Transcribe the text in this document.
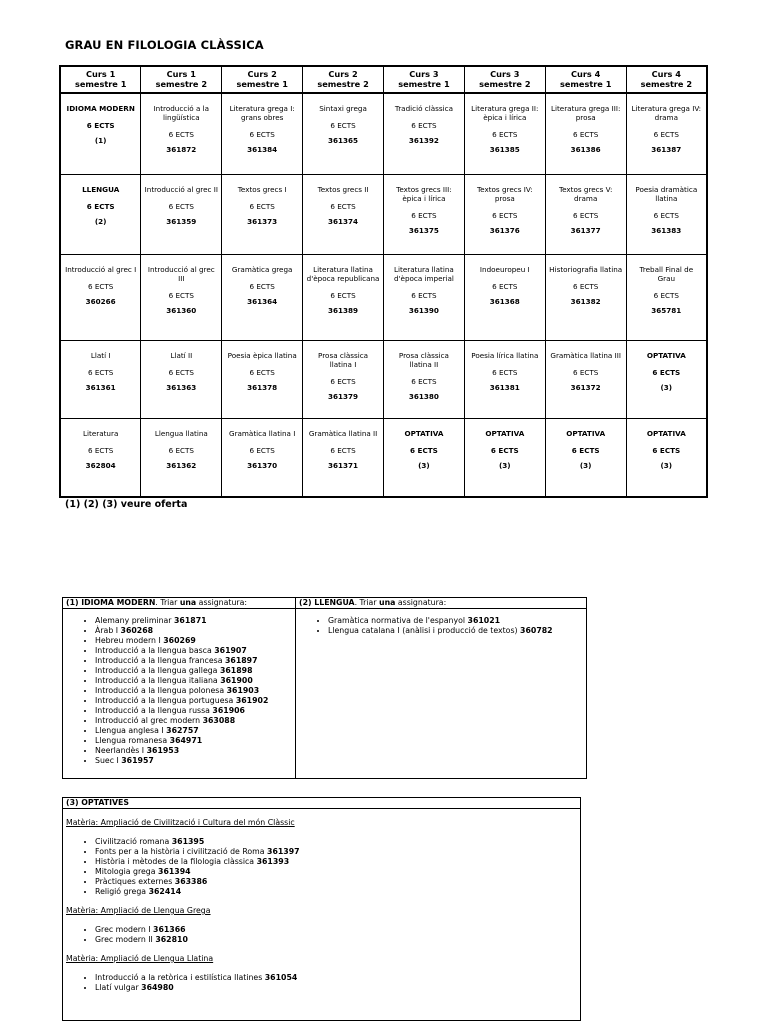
GRAU EN FILOLOGIA CLÀSSICA
Curs 1
semestre 1	Curs 1
semestre 2	Curs 2
semestre 1	Curs 2
semestre 2	Curs 3
semestre 1	Curs 3
semestre 2	Curs 4
semestre 1	Curs 4
semestre 2

IDIOMA MODERN
6 ECTS
(1)	Introducció a la lingüística
6 ECTS
361872	Literatura grega I: grans obres
6 ECTS
361384	Sintaxi grega
6 ECTS
361365	Tradició clàssica
6 ECTS
361392	Literatura grega II: èpica i lírica
6 ECTS
361385	Literatura grega III: prosa
6 ECTS
361386	Literatura grega IV: drama
6 ECTS
361387

LLENGUA
6 ECTS
(2)	Introducció al grec II
6 ECTS
361359	Textos grecs I
6 ECTS
361373	Textos grecs II
6 ECTS
361374	Textos grecs III: èpica i lírica
6 ECTS
361375	Textos grecs IV: prosa
6 ECTS
361376	Textos grecs V: drama
6 ECTS
361377	Poesia dramàtica llatina
6 ECTS
361383

Introducció al grec I
6 ECTS
360266	Introducció al grec III
6 ECTS
361360	Gramàtica grega
6 ECTS
361364	Literatura llatina d'època republicana
6 ECTS
361389	Literatura llatina d'època imperial
6 ECTS
361390	Indoeuropeu I
6 ECTS
361368	Historiografia llatina
6 ECTS
361382	Treball Final de Grau
6 ECTS
365781

Llatí I
6 ECTS
361361	Llatí II
6 ECTS
361363	Poesia èpica llatina
6 ECTS
361378	Prosa clàssica llatina I
6 ECTS
361379	Prosa clàssica llatina II
6 ECTS
361380	Poesia lírica llatina
6 ECTS
361381	Gramàtica llatina III
6 ECTS
361372	OPTATIVA
6 ECTS
(3)

Literatura
6 ECTS
362804	Llengua llatina
6 ECTS
361362	Gramàtica llatina I
6 ECTS
361370	Gramàtica llatina II
6 ECTS
361371	OPTATIVA
6 ECTS
(3)	OPTATIVA
6 ECTS
(3)	OPTATIVA
6 ECTS
(3)	OPTATIVA
6 ECTS
(3)
(1) (2) (3) veure oferta
(1) IDIOMA MODERN. Triar una assignatura:
• Alemany preliminar 361871
• Àrab I 360268
• Hebreu modern I 360269
• Introducció a la llengua basca 361907
• Introducció a la llengua francesa 361897
• Introducció a la llengua gallega 361898
• Introducció a la llengua italiana 361900
• Introducció a la llengua polonesa 361903
• Introducció a la llengua portuguesa 361902
• Introducció a la llengua russa 361906
• Introducció al grec modern 363088
• Llengua anglesa I 362757
• Llengua romanesa 364971
• Neerlandès I 361953
• Suec I 361957
(2) LLENGUA. Triar una assignatura:
• Gramàtica normativa de l'espanyol 361021
• Llengua catalana I (anàlisi i producció de textos) 360782
(3) OPTATIVES
Matèria: Ampliació de Civilització i Cultura del món Clàssic
• Civilització romana 361395
• Fonts per a la història i civilització de Roma 361397
• Història i mètodes de la filologia clàssica 361393
• Mitologia grega 361394
• Pràctiques externes 363386
• Religió grega 362414
Matèria: Ampliació de Llengua Grega
• Grec modern I 361366
• Grec modern II 362810
Matèria: Ampliació de Llengua Llatina
• Introducció a la retòrica i estilística llatines 361054
• Llatí vulgar 364980
